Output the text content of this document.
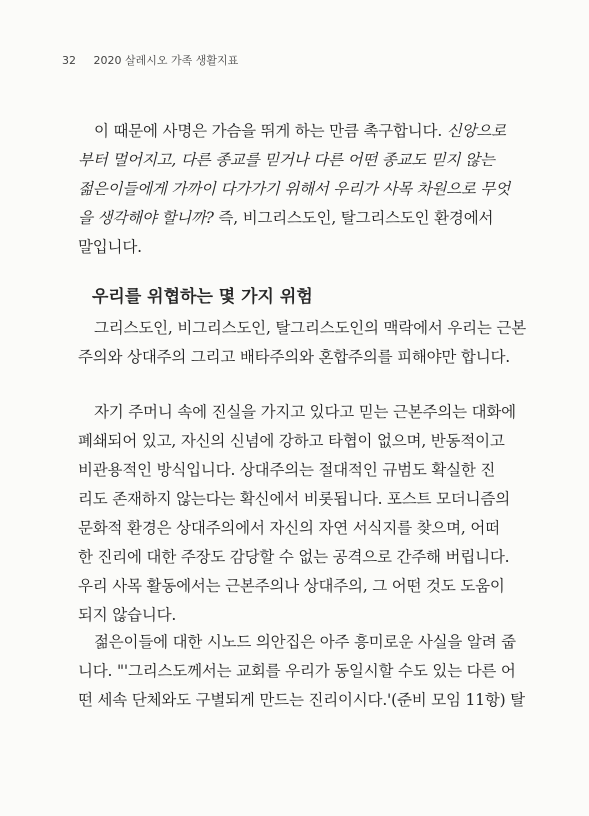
32 2020 살레시오 가족 생활지표
이 때문에 사명은 가슴을 뛰게 하는 만큼 촉구합니다. 신앙으로
부터 멀어지고, 다른 종교를 믿거나 다른 어떤 종교도 믿지 않는
젊은이들에게 가까이 다가가기 위해서 우리가 사목 차원으로 무엇
을 생각해야 할니까? 즉, 비그리스도인, 탈그리스도인 환경에서
말입니다.
우리를 위협하는 몇 가지 위험
그리스도인, 비그리스도인, 탈그리스도인의 맥락에서 우리는 근본
주의와 상대주의 그리고 배타주의와 혼합주의를 피해야만 합니다.
자기 주머니 속에 진실을 가지고 있다고 믿는 근본주의는 대화에
폐쇄되어 있고, 자신의 신념에 강하고 타협이 없으며, 반동적이고
비관용적인 방식입니다. 상대주의는 절대적인 규범도 확실한 진
리도 존재하지 않는다는 확신에서 비롯됩니다. 포스트 모더니즘의
문화적 환경은 상대주의에서 자신의 자연 서식지를 찾으며, 어떠
한 진리에 대한 주장도 감당할 수 없는 공격으로 간주해 버립니다.
우리 사목 활동에서는 근본주의나 상대주의, 그 어떤 것도 도움이
되지 않습니다.
젊은이들에 대한 시노드 의안집은 아주 흥미로운 사실을 알려 줍
니다. "'그리스도께서는 교회를 우리가 동일시할 수도 있는 다른 어
떤 세속 단체와도 구별되게 만드는 진리이시다.'(준비 모임 11항) 탈
